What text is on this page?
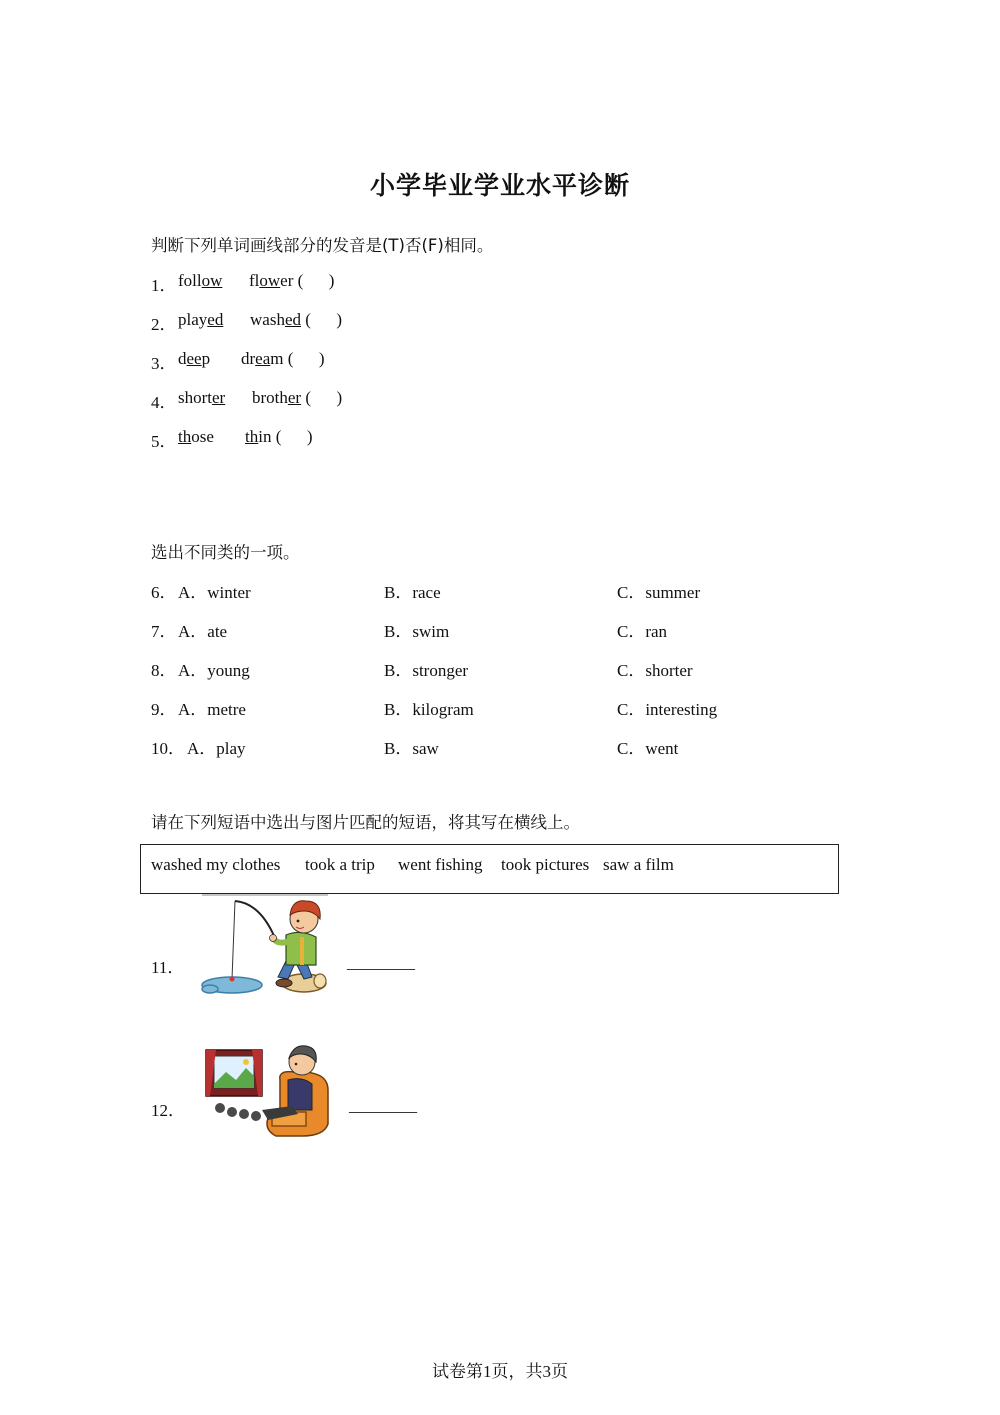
小学毕业学业水平诊断
判断下列单词画线部分的发音是(T)否(F)相同。
1． follow flower (      )
2． played washed (      )
3． deep dream (      )
4． shorter brother (      )
5． those thin (      )
选出不同类的一项。
6． A．winter	B．race	C．summer
7． A．ate	B．swim	C．ran
8． A．young	B．stronger	C．shorter
9． A．metre	B．kilogram	C．interesting
10． A．play	B．saw	C．went
请在下列短语中选出与图片匹配的短语，将其写在横线上。
washed my clothes took a trip went fishing took pictures saw a film
11．	________
12．	________
试卷第1页，共3页
